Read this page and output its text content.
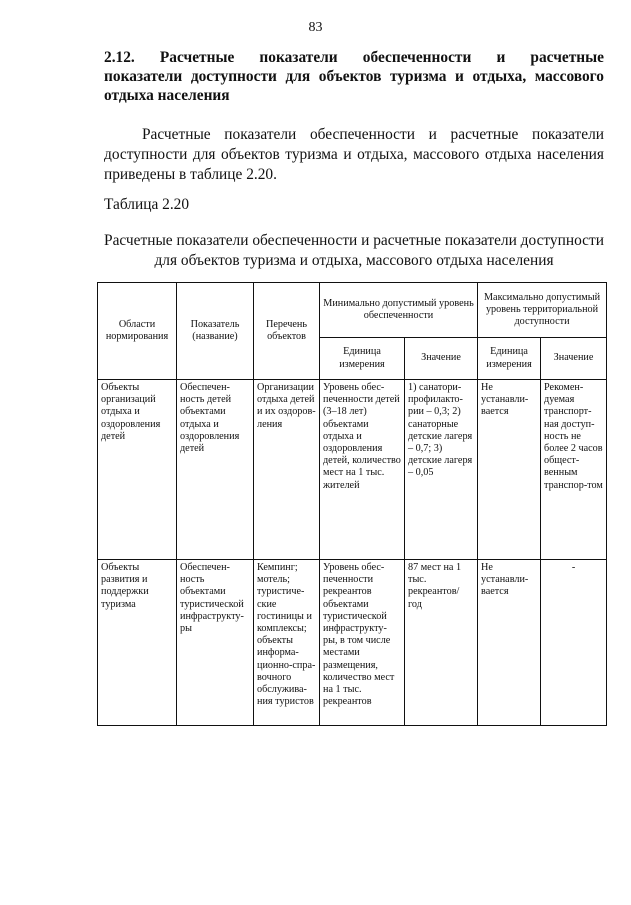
83
2.12. Расчетные показатели обеспеченности и расчетные
показатели доступности для объектов туризма и отдыха, массового
отдыха населения
Расчетные показатели обеспеченности и расчетные показатели
доступности для объектов туризма и отдыха, массового отдыха населения
приведены в таблице 2.20.
Таблица 2.20
Расчетные показатели обеспеченности и расчетные показатели доступности
для объектов туризма и отдыха, массового отдыха населения
Области нормирования	Показатель (название)	Перечень объектов	Минимально допустимый уровень обеспеченности		Максимально допустимый уровень территориальной доступности	
			Единица измерения	Значение	Единица измерения	Значение
Объекты организаций отдыха и оздоровления детей	Обеспечен-ность детей объектами отдыха и оздоровления детей	Организации отдыха детей и их оздоров-ления	Уровень обес-печенности детей (3–18 лет) объектами отдыха и оздоровления детей, количество мест на 1 тыс. жителей	1) санатори-профилакто-рии – 0,3; 2) санаторные детские лагеря – 0,7; 3) детские лагеря – 0,05	Не устанавли-вается	Рекомен-дуемая транспорт-ная доступ-ность не более 2 часов общест-венным транспор-том
Объекты развития и поддержки туризма	Обеспечен-ность объектами туристической инфраструкту-ры	Кемпинг; мотель; туристиче-ские гостиницы и комплексы; объекты информа-ционно-спра-вочного обслужива-ния туристов	Уровень обес-печенности рекреантов объектами туристической инфраструкту-ры, в том числе местами размещения, количество мест на 1 тыс. рекреантов	87 мест на 1 тыс. рекреантов/ год	Не устанавли-вается	-
